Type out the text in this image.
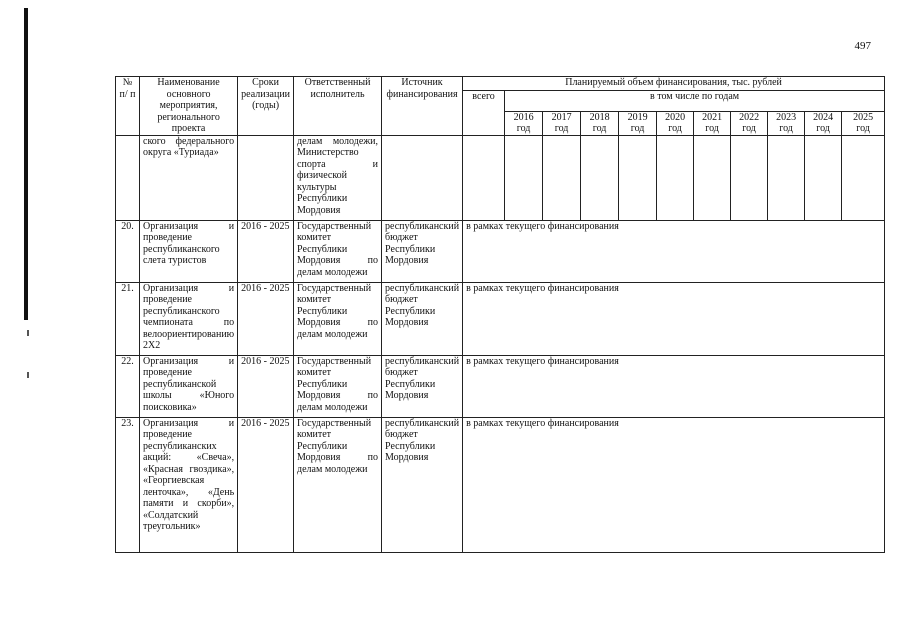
497
№ п/ п	Наименование основного мероприятия, регионального проекта	Сроки реализации (годы)	Ответственный исполнитель	Источник финансирования	Планируемый объем финансирования, тыс. рублей										
					всего	в том числе по годам									
						2016 год	2017 год	2018 год	2019 год	2020 год	2021 год	2022 год	2023 год	2024 год	2025 год
	ского федерального округа «Туриада»		делам молодежи, Министерство спорта и физической культуры Республики Мордовия												
20.	Организация и проведение республиканского слета туристов	2016 - 2025	Государственный комитет Республики Мордовия по делам молодежи	республиканский бюджет Республики Мордовия	в рамках текущего финансирования										
21.	Организация и проведение республиканского чемпионата по велоориентированию 2Х2	2016 - 2025	Государственный комитет Республики Мордовия по делам молодежи	республиканский бюджет Республики Мордовия	в рамках текущего финансирования										
22.	Организация и проведение республиканской школы «Юного поисковика»	2016 - 2025	Государственный комитет Республики Мордовия по делам молодежи	республиканский бюджет Республики Мордовия	в рамках текущего финансирования										
23.	Организация и проведение республиканских акций: «Свеча», «Красная гвоздика», «Георгиевская ленточка», «День памяти и скорби», «Солдатский треугольник»	2016 - 2025	Государственный комитет Республики Мордовия по делам молодежи	республиканский бюджет Республики Мордовия	в рамках текущего финансирования										
